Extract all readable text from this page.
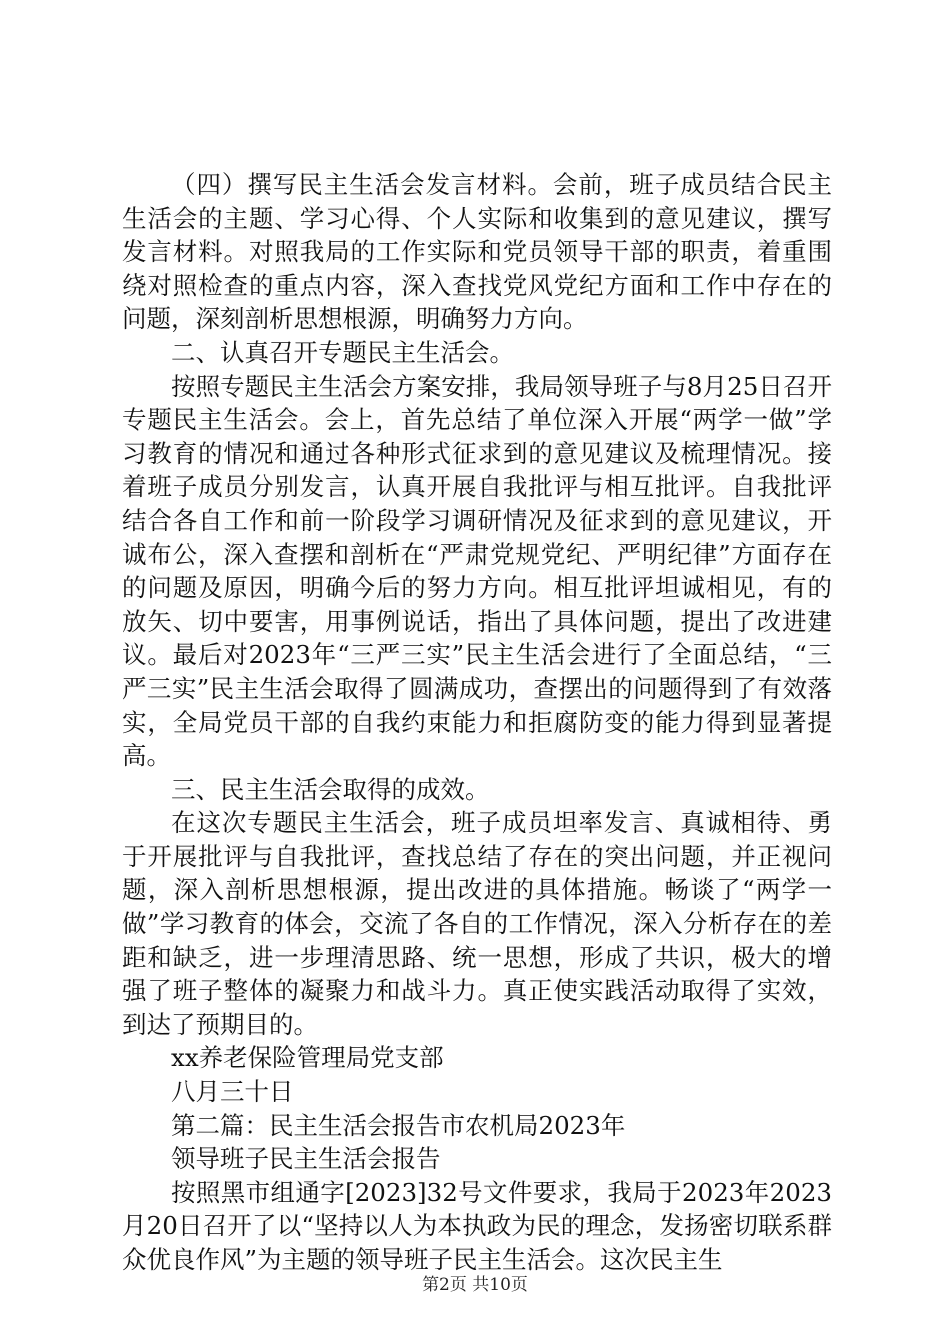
（四）撰写民主生活会发言材料。会前，班子成员结合民主生活会的主题、学习心得、个人实际和收集到的意见建议，撰写发言材料。对照我局的工作实际和党员领导干部的职责，着重围绕对照检查的重点内容，深入查找党风党纪方面和工作中存在的问题，深刻剖析思想根源，明确努力方向。

二、认真召开专题民主生活会。

按照专题民主生活会方案安排，我局领导班子与8月25日召开专题民主生活会。会上，首先总结了单位深入开展“两学一做”学习教育的情况和通过各种形式征求到的意见建议及梳理情况。接着班子成员分别发言，认真开展自我批评与相互批评。自我批评结合各自工作和前一阶段学习调研情况及征求到的意见建议，开诚布公，深入查摆和剖析在“严肃党规党纪、严明纪律”方面存在的问题及原因，明确今后的努力方向。相互批评坦诚相见，有的放矢、切中要害，用事例说话，指出了具体问题，提出了改进建议。最后对2023年“三严三实”民主生活会进行了全面总结，“三严三实”民主生活会取得了圆满成功，查摆出的问题得到了有效落实，全局党员干部的自我约束能力和拒腐防变的能力得到显著提高。

三、民主生活会取得的成效。

在这次专题民主生活会，班子成员坦率发言、真诚相待、勇于开展批评与自我批评，查找总结了存在的突出问题，并正视问题，深入剖析思想根源，提出改进的具体措施。畅谈了“两学一做”学习教育的体会，交流了各自的工作情况，深入分析存在的差距和缺乏，进一步理清思路、统一思想，形成了共识，极大的增强了班子整体的凝聚力和战斗力。真正使实践活动取得了实效，到达了预期目的。

xx养老保险管理局党支部

八月三十日

第二篇：民主生活会报告市农机局2023年

领导班子民主生活会报告

按照黑市组通字[2023]32号文件要求，我局于2023年2023月20日召开了以“坚持以人为本执政为民的理念，发扬密切联系群众优良作风”为主题的领导班子民主生活会。这次民主生

第2页 共10页
